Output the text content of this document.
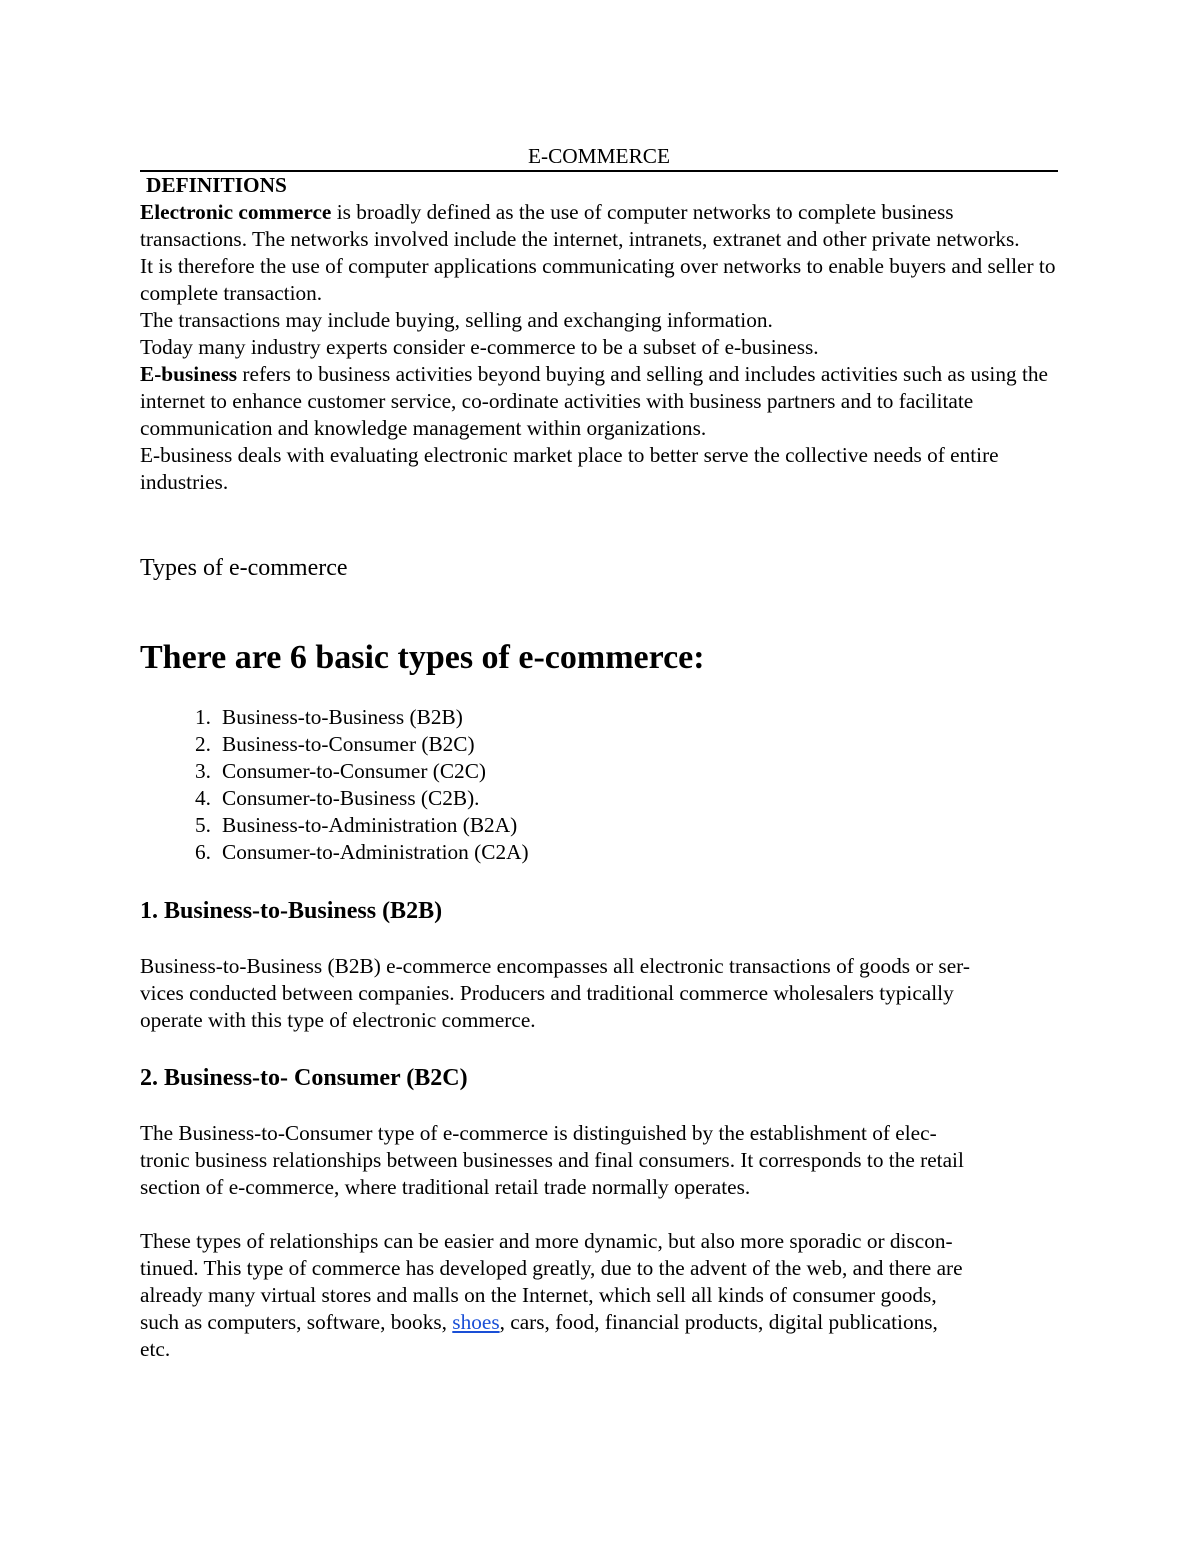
E-COMMERCE
DEFINITIONS

Electronic commerce is broadly defined as the use of computer networks to complete business transactions. The networks involved include the internet, intranets, extranet and other private networks.

It is therefore the use of computer applications communicating over networks to enable buyers and seller to complete transaction.

The transactions may include buying, selling and exchanging information.

Today many industry experts consider e-commerce to be a subset of e-business.

E-business refers to business activities beyond buying and selling and includes activities such as using the internet to enhance customer service, co-ordinate activities with business partners and to facilitate communication and knowledge management within organizations.

E-business deals with evaluating electronic market place to better serve the collective needs of entire industries.

Types of e-commerce
There are 6 basic types of e-commerce:
1. Business-to-Business (B2B)
2. Business-to-Consumer (B2C)
3. Consumer-to-Consumer (C2C)
4. Consumer-to-Business (C2B).
5. Business-to-Administration (B2A)
6. Consumer-to-Administration (C2A)
1. Business-to-Business (B2B)
Business-to-Business (B2B) e-commerce encompasses all electronic transactions of goods or ser-
vices conducted between companies. Producers and traditional commerce wholesalers typically
operate with this type of electronic commerce.
2. Business-to- Consumer (B2C)
The Business-to-Consumer type of e-commerce is distinguished by the establishment of elec-
tronic business relationships between businesses and final consumers. It corresponds to the retail
section of e-commerce, where traditional retail trade normally operates.
These types of relationships can be easier and more dynamic, but also more sporadic or discon-
tinued. This type of commerce has developed greatly, due to the advent of the web, and there are
already many virtual stores and malls on the Internet, which sell all kinds of consumer goods,
such as computers, software, books, shoes, cars, food, financial products, digital publications,
etc.
